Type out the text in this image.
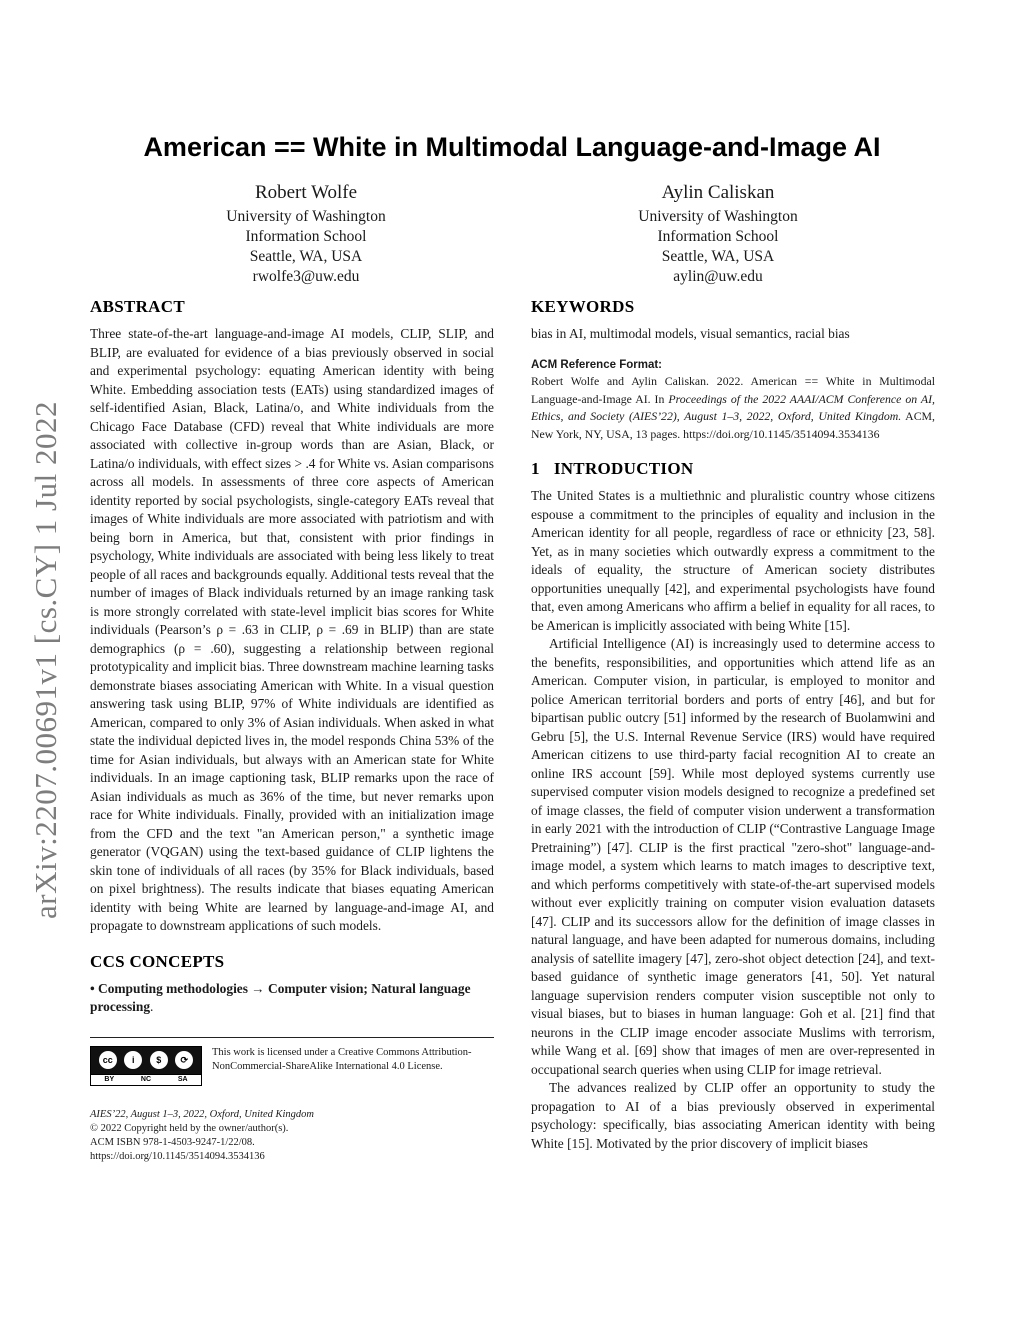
arXiv:2207.00691v1 [cs.CY] 1 Jul 2022
American == White in Multimodal Language-and-Image AI
Robert Wolfe
University of Washington
Information School
Seattle, WA, USA
rwolfe3@uw.edu
Aylin Caliskan
University of Washington
Information School
Seattle, WA, USA
aylin@uw.edu
ABSTRACT

Three state-of-the-art language-and-image AI models, CLIP, SLIP, and BLIP, are evaluated for evidence of a bias previously observed in social and experimental psychology: equating American identity with being White. Embedding association tests (EATs) using standardized images of self-identified Asian, Black, Latina/o, and White individuals from the Chicago Face Database (CFD) reveal that White individuals are more associated with collective in-group words than are Asian, Black, or Latina/o individuals, with effect sizes > .4 for White vs. Asian comparisons across all models. In assessments of three core aspects of American identity reported by social psychologists, single-category EATs reveal that images of White individuals are more associated with patriotism and with being born in America, but that, consistent with prior findings in psychology, White individuals are associated with being less likely to treat people of all races and backgrounds equally. Additional tests reveal that the number of images of Black individuals returned by an image ranking task is more strongly correlated with state-level implicit bias scores for White individuals (Pearson’s ρ = .63 in CLIP, ρ = .69 in BLIP) than are state demographics (ρ = .60), suggesting a relationship between regional prototypicality and implicit bias. Three downstream machine learning tasks demonstrate biases associating American with White. In a visual question answering task using BLIP, 97% of White individuals are identified as American, compared to only 3% of Asian individuals. When asked in what state the individual depicted lives in, the model responds China 53% of the time for Asian individuals, but always with an American state for White individuals. In an image captioning task, BLIP remarks upon the race of Asian individuals as much as 36% of the time, but never remarks upon race for White individuals. Finally, provided with an initialization image from the CFD and the text "an American person," a synthetic image generator (VQGAN) using the text-based guidance of CLIP lightens the skin tone of individuals of all races (by 35% for Black individuals, based on pixel brightness). The results indicate that biases equating American identity with being White are learned by language-and-image AI, and propagate to downstream applications of such models.

CCS CONCEPTS

• Computing methodologies → Computer vision; Natural language processing.

cc	i	$	⟳
BY	NC	SA
This work is licensed under a Creative Commons Attribution-NonCommercial-ShareAlike International 4.0 License.
AIES’22, August 1–3, 2022, Oxford, United Kingdom
© 2022 Copyright held by the owner/author(s).
ACM ISBN 978-1-4503-9247-1/22/08.
https://doi.org/10.1145/3514094.3534136
KEYWORDS

bias in AI, multimodal models, visual semantics, racial bias

ACM Reference Format:
Robert Wolfe and Aylin Caliskan. 2022. American == White in Multimodal Language-and-Image AI. In Proceedings of the 2022 AAAI/ACM Conference on AI, Ethics, and Society (AIES’22), August 1–3, 2022, Oxford, United Kingdom. ACM, New York, NY, USA, 13 pages. https://doi.org/10.1145/3514094.3534136
1 INTRODUCTION

The United States is a multiethnic and pluralistic country whose citizens espouse a commitment to the principles of equality and inclusion in the American identity for all people, regardless of race or ethnicity [23, 58]. Yet, as in many societies which outwardly express a commitment to the ideals of equality, the structure of American society distributes opportunities unequally [42], and experimental psychologists have found that, even among Americans who affirm a belief in equality for all races, to be American is implicitly associated with being White [15].

Artificial Intelligence (AI) is increasingly used to determine access to the benefits, responsibilities, and opportunities which attend life as an American. Computer vision, in particular, is employed to monitor and police American territorial borders and ports of entry [46], and but for bipartisan public outcry [51] informed by the research of Buolamwini and Gebru [5], the U.S. Internal Revenue Service (IRS) would have required American citizens to use third-party facial recognition AI to create an online IRS account [59]. While most deployed systems currently use supervised computer vision models designed to recognize a predefined set of image classes, the field of computer vision underwent a transformation in early 2021 with the introduction of CLIP (“Contrastive Language Image Pretraining”) [47]. CLIP is the first practical "zero-shot" language-and-image model, a system which learns to match images to descriptive text, and which performs competitively with state-of-the-art supervised models without ever explicitly training on computer vision evaluation datasets [47]. CLIP and its successors allow for the definition of image classes in natural language, and have been adapted for numerous domains, including analysis of satellite imagery [47], zero-shot object detection [24], and text-based guidance of synthetic image generators [41, 50]. Yet natural language supervision renders computer vision susceptible not only to visual biases, but to biases in human language: Goh et al. [21] find that neurons in the CLIP image encoder associate Muslims with terrorism, while Wang et al. [69] show that images of men are over-represented in occupational search queries when using CLIP for image retrieval.

The advances realized by CLIP offer an opportunity to study the propagation to AI of a bias previously observed in experimental psychology: specifically, bias associating American identity with being White [15]. Motivated by the prior discovery of implicit biases
